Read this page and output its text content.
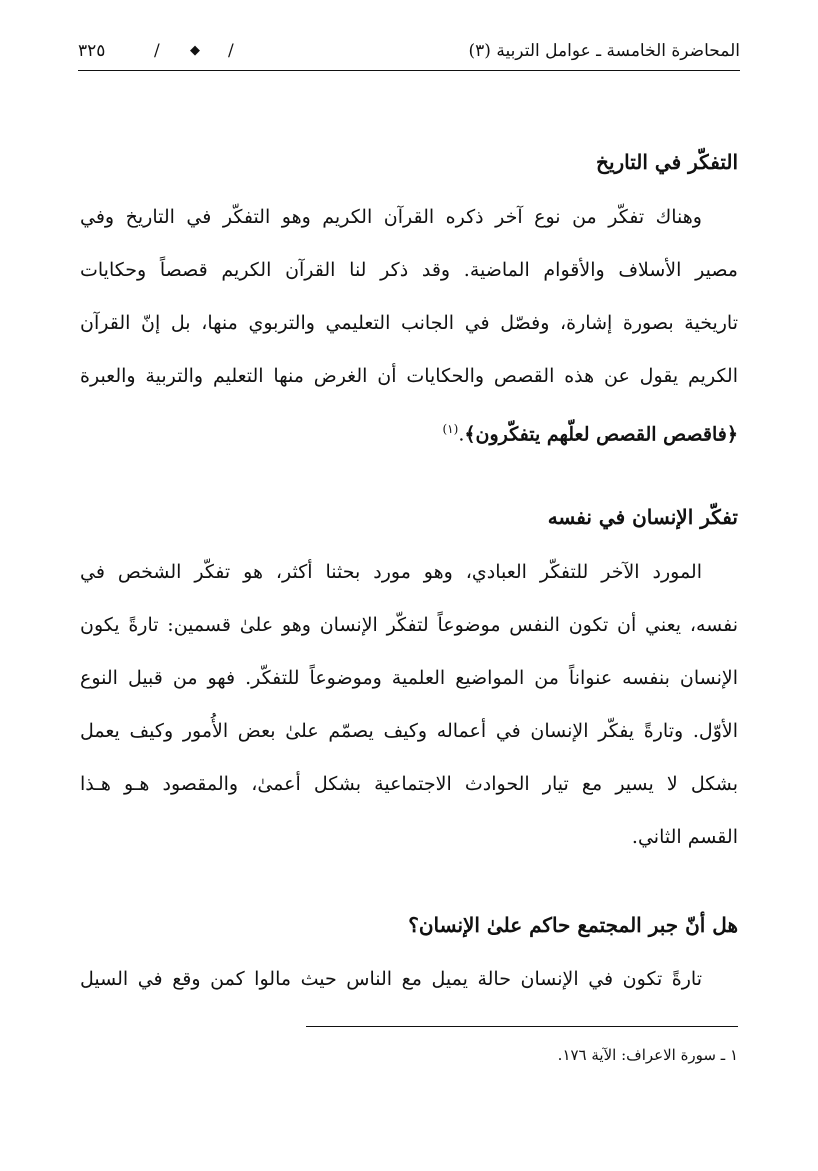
المحاضرة الخامسة ـ عوامل التربية (٣)
/
◆
/
٣٢٥
التفكّر في التاريخ
وهناك تفكّر من نوع آخر ذكره القرآن الكريم وهو التفكّر في التاريخ وفي
مصير الأسلاف والأقوام الماضية. وقد ذكر لنا القرآن الكريم قصصاً وحكايات
تاريخية بصورة إشارة، وفصّل في الجانب التعليمي والتربوي منها، بل إنّ القرآن
الكريم يقول عن هذه القصص والحكايات أن الغرض منها التعليم والتربية والعبرة
﴿فاقصص القصص لعلّهم يتفكّرون﴾.$^{(١)}$
تفكّر الإنسان في نفسه
المورد الآخر للتفكّر العبادي، وهو مورد بحثنا أكثر، هو تفكّر الشخص في
نفسه، يعني أن تكون النفس موضوعاً لتفكّر الإنسان وهو علىٰ قسمين: تارةً يكون
الإنسان بنفسه عنواناً من المواضيع العلمية وموضوعاً للتفكّر. فهو من قبيل النوع
الأوّل. وتارةً يفكّر الإنسان في أعماله وكيف يصمّم علىٰ بعض الأُمور وكيف يعمل
بشكل لا يسير مع تيار الحوادث الاجتماعية بشكل أعمىٰ، والمقصود هـو هـذا
القسم الثاني.
هل أنّ جبر المجتمع حاكم علىٰ الإنسان؟
تارةً تكون في الإنسان حالة يميل مع الناس حيث مالوا كمن وقع في السيل
١ ـ سورة الاعراف: الآية ١٧٦.
